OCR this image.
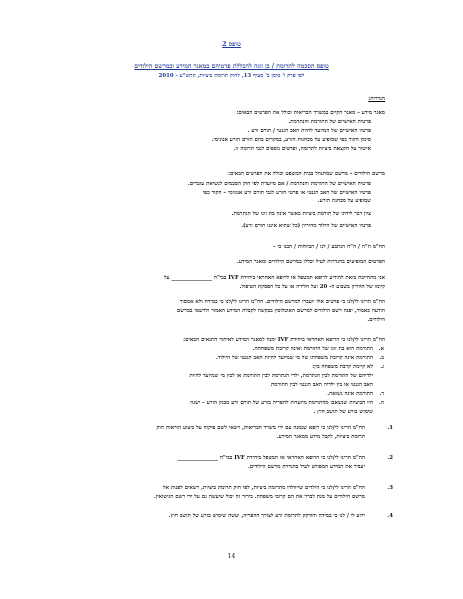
טופס 2
טופס הסכמה לתרומת / בן זוגה להכללת פרטיהם במאגר המידע ובמרשם הילודים
לפי פרק ו' סימן ב' סעיף 13, לחוק תרומת ביציות, התש"ע - 2010
הגדרות:
מאגר מידע – מאגר הקיים במשרד הבריאות וכולל את הפרטים הבאים:
● פרטיה האישיים של התורמת והנתרמת.
● פרטיו האישיים של המיועד להיות האב הגנטי / תורם זרע .
● סימון הקוד כפי שמופיע על מבחנות הזרע, במקרים בהם תורם הזרע אנונימי.
● אישור על הקצאת ביציות לתרומה, ופרטים נוספים לגבי תרומה זו.
מרשם הילודים – מרשם שמתנהל בבית המשפט וכולל את הפרטים הבאים:
● פרטיה האישיים של התורמת והנתרמת / אם מיועדת לפי חוק הסכמים לנשיאת עוברים.
● פרטיו האישיים של האב הגנטי או פרטי הזרע לגבי תורם זרע אנונימי – הקוד כפי
שמופיע על מבחנת הזרע.
● ציון דבר לידתו של תורמת ביציות כאשר אינה בת זוגו של הנתרמת.
● פרטיו האישיים של הילוד מהיריון (כל שהוא איננו תורם זרע).
הח"מ ה"ה / ה"ח הנתבע / לנו / הביוחות / הבנו כי -
הפרטים המופיעים בהגדרות לעיל יכללו במרשם הילודים ומאגר המידע.
אני מתחייבת בזאת להודיע לרופא המטפל או לרופא האחראי ביחידת IVF בבי"ח _______________ על
קיומו של ההריון בשבוע ה- 20 ועל הלידה או על כל הפסקת הטיפול.
הח"מ הרינו לי/לנו כי פרטים אלו יועברו למרשם הילודים. הח"מ הרינו לי/לנו כי במידה ולא אמסור
הודעה כאמור, יפנה רשם הילודים למרשם האוכלוסין בבקשה לקבלת המידע האמור ולרשמו במרשם
הילודים.
הח"מ הרינו לי/לנו כי הרופא האחראי ביחידת IVF ימנה למאגר המידע לאיתור התנאים הבאים:
התורמת היא בת זוגו של התורמת ואינה קרובת משפחתה.
התורמת אינה קרובת משפחתו של מי שמיועד להיות האב הגנטי של היילוד.
לא קיימת קרבת משפחה בין:
ילדיהם של התורמת לבין הנתרמת, ילדי הנתרמת לבין התורמת או לבין מי שמיועד להיות
האב הגנטי או בין ילדיה האב הגנטי לבין התורמת
התורמת אינה נשואה.
היו הביציות שנשאבו מהתורמת מיועדות להפריה בזרע של תורם זרע מבנק הזרע – ישנה
שימוש בזרע של תושב חוץ .
א.
ב.
ג.
ד.
ה.
1.
הח"מ הרינו לי/לנו כי רופא שנמנה עם ידי משרד הבריאות, רשאי לשם פיקוח על ביצוע הוראות חוק
תרומת ביציות, לקבל מידע ממאגר המידע.
2.
הח"מ הרינו לי/לנו כי הרופא האחראי או המטפל ביחידת IVF בבי"ח _______________
יעביר את המידע המפורט לעיל בהגדרת מרשם הילודים.
3.
הח"מ הרינו לי/לנו כי הילדים שייוולדו מתרומת ביציות, לפי חוק תרומת ביציות, רשאים לפנות אל
מרשם הילודים על מנת לברר את הם קרובי משפחה. בירור זה יכול שיעשה גם על ידי רשם הנישואין.
4.
ידוע לי / לנו כי במידה והודקק לתרומת זרע לצורך ההפריה, יעשה שימוש בזרע של תושב חוץ.
14
